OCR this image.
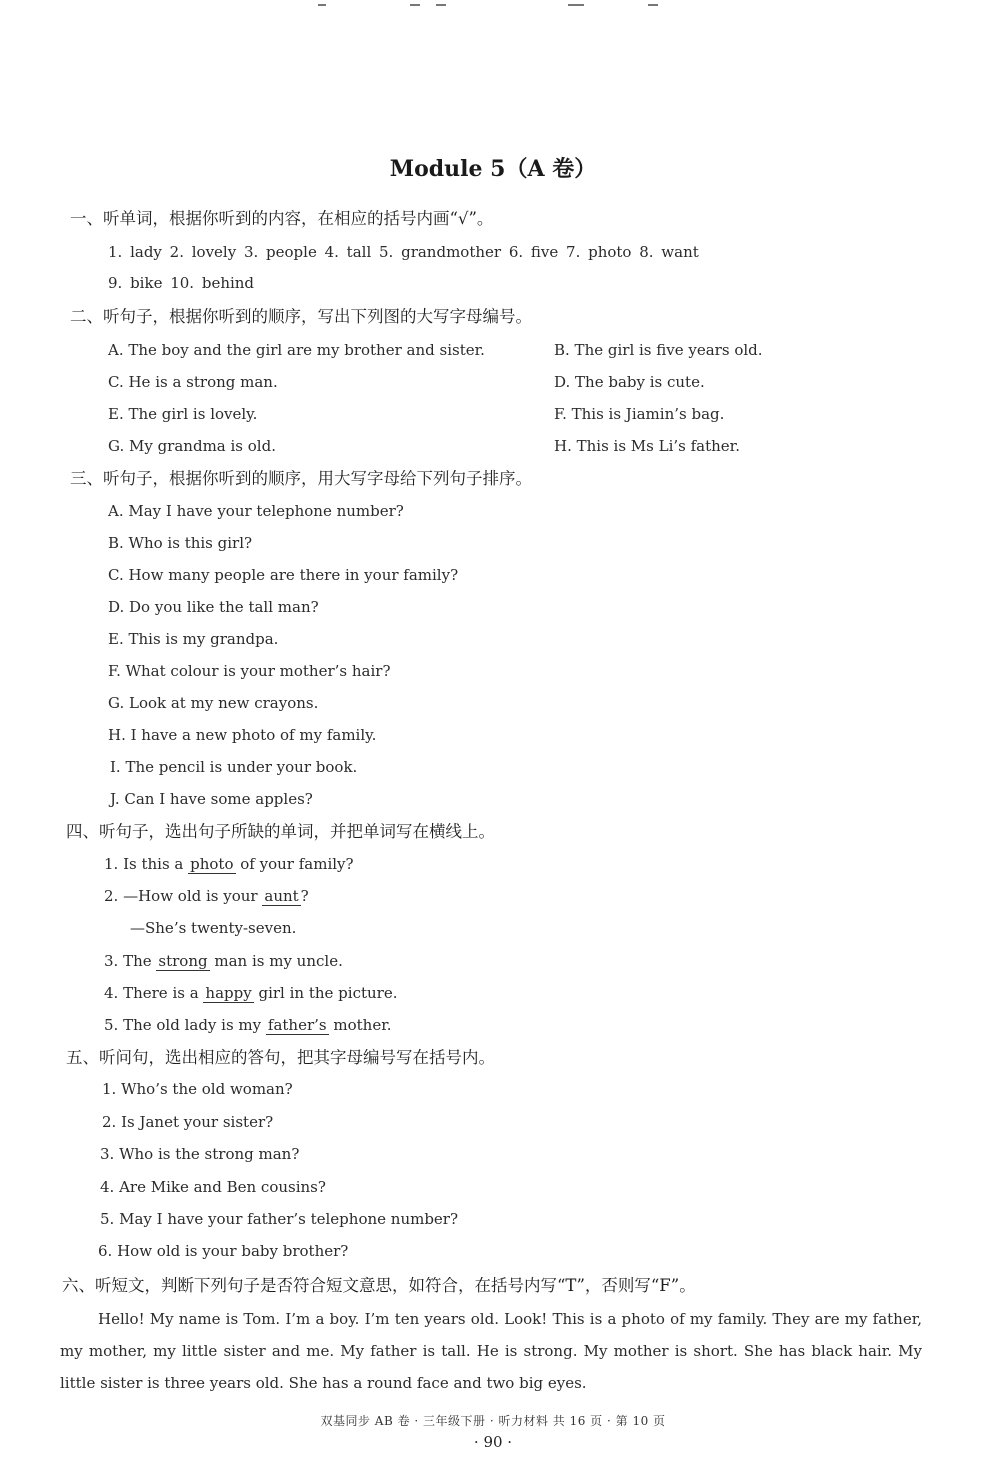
Module 5（A 卷）
一、听单词，根据你听到的内容，在相应的括号内画“√”。
1. lady 2. lovely 3. people 4. tall 5. grandmother 6. five 7. photo 8. want
9. bike 10. behind
二、听句子，根据你听到的顺序，写出下列图的大写字母编号。
A. The boy and the girl are my brother and sister.	B. The girl is five years old.
C. He is a strong man.	D. The baby is cute.
E. The girl is lovely.	F. This is Jiamin’s bag.
G. My grandma is old.	H. This is Ms Li’s father.
三、听句子，根据你听到的顺序，用大写字母给下列句子排序。
A. May I have your telephone number?
B. Who is this girl?
C. How many people are there in your family?
D. Do you like the tall man?
E. This is my grandpa.
F. What colour is your mother’s hair?
G. Look at my new crayons.
H. I have a new photo of my family.
I. The pencil is under your book.
J. Can I have some apples?
四、听句子，选出句子所缺的单词，并把单词写在横线上。
1. Is this a photo of your family?
2. —How old is your aunt ?
—She’s twenty-seven.
3. The strong man is my uncle.
4. There is a happy girl in the picture.
5. The old lady is my father’s mother.
五、听问句，选出相应的答句，把其字母编号写在括号内。
1. Who’s the old woman?
2. Is Janet your sister?
3. Who is the strong man?
4. Are Mike and Ben cousins?
5. May I have your father’s telephone number?
6. How old is your baby brother?
六、听短文，判断下列句子是否符合短文意思，如符合，在括号内写“T”，否则写“F”。
Hello! My name is Tom. I’m a boy. I’m ten years old. Look! This is a photo of my family. They are my father, my mother, my little sister and me. My father is tall. He is strong. My mother is short. She has black hair. My little sister is three years old. She has a round face and two big eyes.
双基同步 AB 卷 · 三年级下册 · 听力材料 共 16 页 · 第 10 页
· 90 ·
